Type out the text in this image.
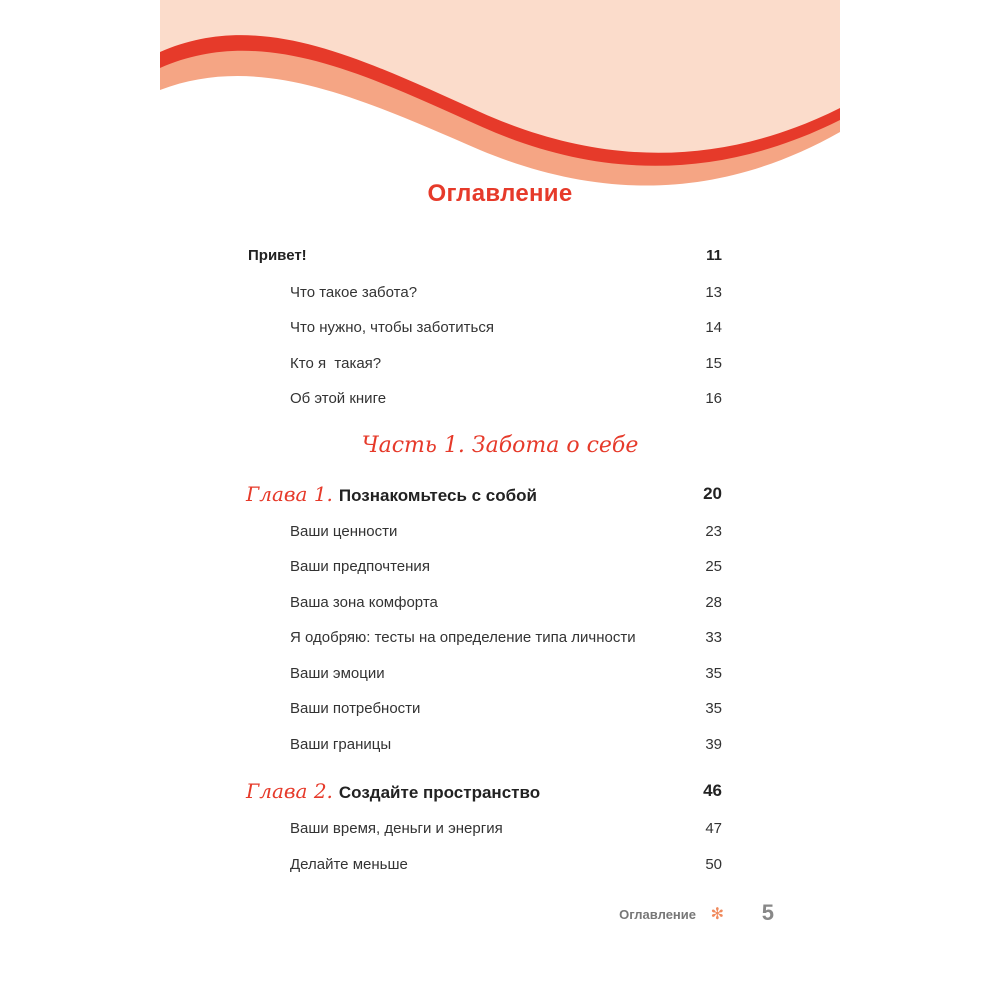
Оглавление
Привет!	11
Что такое забота?	13
Что нужно, чтобы заботиться	14
Кто я  такая?	15
Об этой книге	16
Часть 1. Забота о себе
Глава 1. Познакомьтесь с собой	20
Ваши ценности	23
Ваши предпочтения	25
Ваша зона комфорта	28
Я одобряю: тесты на определение типа личности	33
Ваши эмоции	35
Ваши потребности	35
Ваши границы	39
Глава 2. Создайте пространство	46
Ваши время, деньги и энергия	47
Делайте меньше	50
Оглавление ✻ 5
